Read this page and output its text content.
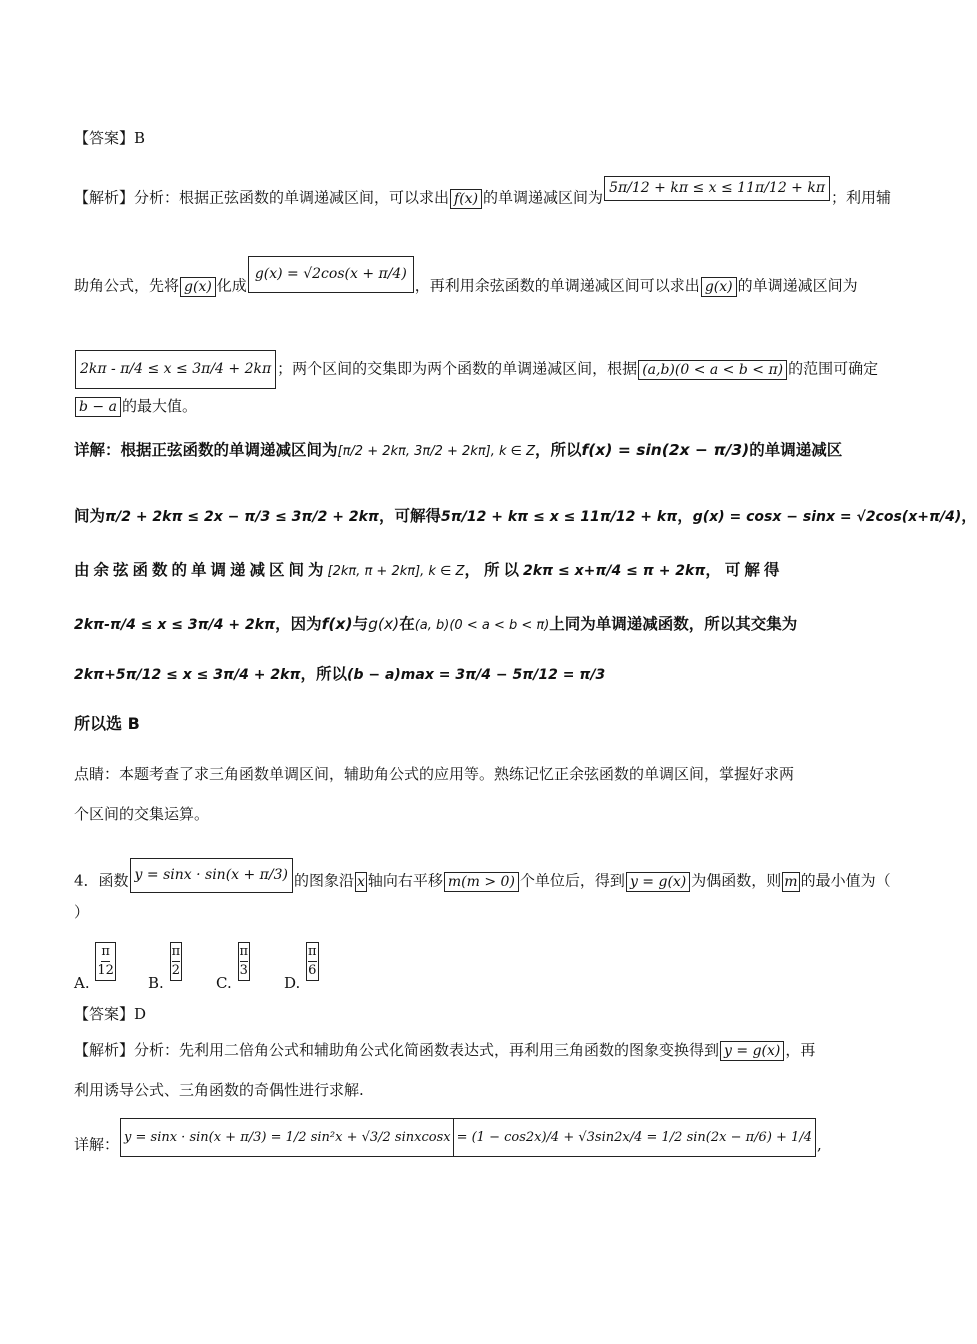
【答案】B
【解析】分析：根据正弦函数的单调递减区间，可以求出 f(x) 的单调递减区间为5π/12 + kπ ≤ x ≤ 11π/12 + kπ；利用辅
助角公式，先将 g(x) 化成g(x) = √2cos(x + π/4)，再利用余弦函数的单调递减区间可以求出 g(x) 的单调递减区间为
2kπ - π/4 ≤ x ≤ 3π/4 + 2kπ ；两个区间的交集即为两个函数的单调递减区间，根据 (a,b)(0 < a < b < π) 的范围可确定
b − a 的最大值。
详解：根据正弦函数的单调递减区间为[π/2 + 2kπ, 3π/2 + 2kπ], k ∈ Z，所以f(x) = sin(2x − π/3)的单调递减区
间为π/2 + 2kπ ≤ 2x − π/3 ≤ 3π/2 + 2kπ，可解得5π/12 + kπ ≤ x ≤ 11π/12 + kπ，g(x) = cosx − sinx = √2cos(x+π/4)，
由余弦函数的单调递减区间为[2kπ, π + 2kπ], k ∈ Z，所以2kπ ≤ x+π/4 ≤ π + 2kπ，可解得
2kπ-π/4 ≤ x ≤ 3π/4 + 2kπ，因为f(x)与g(x)在(a, b)(0 < a < b < π)上同为单调递减函数，所以其交集为
2kπ+5π/12 ≤ x ≤ 3π/4 + 2kπ，所以(b − a)max = 3π/4 − 5π/12 = π/3
所以选 B
点睛：本题考查了求三角函数单调区间，辅助角公式的应用等。熟练记忆正余弦函数的单调区间，掌握好求两
个区间的交集运算。
4．函数 y = sinx · sin(x + π/3) 的图象沿 x 轴向右平移 m(m > 0) 个单位后，得到 y = g(x) 为偶函数，则 m 的最小值为（
）
A.
$\frac{\pi}{12}$
B.
$\frac{\pi}{2}$
C.
$\frac{\pi}{3}$
D.
$\frac{\pi}{6}$
【答案】D
【解析】分析：先利用二倍角公式和辅助角公式化简函数表达式，再利用三角函数的图象变换得到 y = g(x) ，再
利用诱导公式、三角函数的奇偶性进行求解.
详解： y = sinx · sin(x + π/3) = 1/2 sin²x + √3/2 sinxcosx = (1 − cos2x)/4 + √3sin2x/4 = 1/2 sin(2x − π/6) + 1/4 ,
